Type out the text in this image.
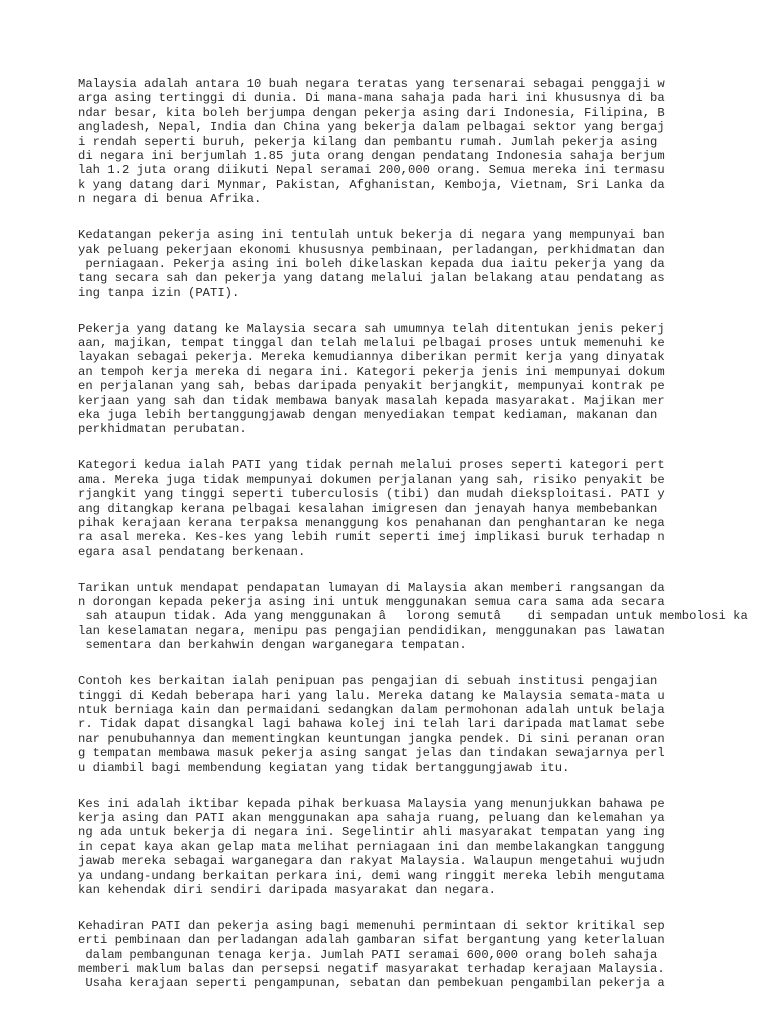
Malaysia adalah antara 10 buah negara teratas yang tersenarai sebagai penggaji w
arga asing tertinggi di dunia. Di mana-mana sahaja pada hari ini khususnya di ba
ndar besar, kita boleh berjumpa dengan pekerja asing dari Indonesia, Filipina, B
angladesh, Nepal, India dan China yang bekerja dalam pelbagai sektor yang bergaj
i rendah seperti buruh, pekerja kilang dan pembantu rumah. Jumlah pekerja asing
di negara ini berjumlah 1.85 juta orang dengan pendatang Indonesia sahaja berjum
lah 1.2 juta orang diikuti Nepal seramai 200,000 orang. Semua mereka ini termasu
k yang datang dari Mynmar, Pakistan, Afghanistan, Kemboja, Vietnam, Sri Lanka da
n negara di benua Afrika.
Kedatangan pekerja asing ini tentulah untuk bekerja di negara yang mempunyai ban
yak peluang pekerjaan ekonomi khususnya pembinaan, perladangan, perkhidmatan dan
perniagaan. Pekerja asing ini boleh dikelaskan kepada dua iaitu pekerja yang da
tang secara sah dan pekerja yang datang melalui jalan belakang atau pendatang as
ing tanpa izin (PATI).
Pekerja yang datang ke Malaysia secara sah umumnya telah ditentukan jenis pekerj
aan, majikan, tempat tinggal dan telah melalui pelbagai proses untuk memenuhi ke
layakan sebagai pekerja. Mereka kemudiannya diberikan permit kerja yang dinyatak
an tempoh kerja mereka di negara ini. Kategori pekerja jenis ini mempunyai dokum
en perjalanan yang sah, bebas daripada penyakit berjangkit, mempunyai kontrak pe
kerjaan yang sah dan tidak membawa banyak masalah kepada masyarakat. Majikan mer
eka juga lebih bertanggungjawab dengan menyediakan tempat kediaman, makanan dan
perkhidmatan perubatan.
Kategori kedua ialah PATI yang tidak pernah melalui proses seperti kategori pert
ama. Mereka juga tidak mempunyai dokumen perjalanan yang sah, risiko penyakit be
rjangkit yang tinggi seperti tuberculosis (tibi) dan mudah dieksploitasi. PATI y
ang ditangkap kerana pelbagai kesalahan imigresen dan jenayah hanya membebankan
pihak kerajaan kerana terpaksa menanggung kos penahanan dan penghantaran ke nega
ra asal mereka. Kes-kes yang lebih rumit seperti imej implikasi buruk terhadap n
egara asal pendatang berkenaan.
Tarikan untuk mendapat pendapatan lumayan di Malaysia akan memberi rangsangan da
n dorongan kepada pekerja asing ini untuk menggunakan semua cara sama ada secara
sah ataupun tidak. Ada yang menggunakan âlorong semutâ di sempadan untuk membolosi ka
lan keselamatan negara, menipu pas pengajian pendidikan, menggunakan pas lawatan
sementara dan berkahwin dengan warganegara tempatan.
Contoh kes berkaitan ialah penipuan pas pengajian di sebuah institusi pengajian
tinggi di Kedah beberapa hari yang lalu. Mereka datang ke Malaysia semata-mata u
ntuk berniaga kain dan permaidani sedangkan dalam permohonan adalah untuk belaja
r. Tidak dapat disangkal lagi bahawa kolej ini telah lari daripada matlamat sebe
nar penubuhannya dan mementingkan keuntungan jangka pendek. Di sini peranan oran
g tempatan membawa masuk pekerja asing sangat jelas dan tindakan sewajarnya perl
u diambil bagi membendung kegiatan yang tidak bertanggungjawab itu.
Kes ini adalah iktibar kepada pihak berkuasa Malaysia yang menunjukkan bahawa pe
kerja asing dan PATI akan menggunakan apa sahaja ruang, peluang dan kelemahan ya
ng ada untuk bekerja di negara ini. Segelintir ahli masyarakat tempatan yang ing
in cepat kaya akan gelap mata melihat perniagaan ini dan membelakangkan tanggung
jawab mereka sebagai warganegara dan rakyat Malaysia. Walaupun mengetahui wujudn
ya undang-undang berkaitan perkara ini, demi wang ringgit mereka lebih mengutama
kan kehendak diri sendiri daripada masyarakat dan negara.
Kehadiran PATI dan pekerja asing bagi memenuhi permintaan di sektor kritikal sep
erti pembinaan dan perladangan adalah gambaran sifat bergantung yang keterlaluan
dalam pembangunan tenaga kerja. Jumlah PATI seramai 600,000 orang boleh sahaja
memberi maklum balas dan persepsi negatif masyarakat terhadap kerajaan Malaysia.
Usaha kerajaan seperti pengampunan, sebatan dan pembekuan pengambilan pekerja a
